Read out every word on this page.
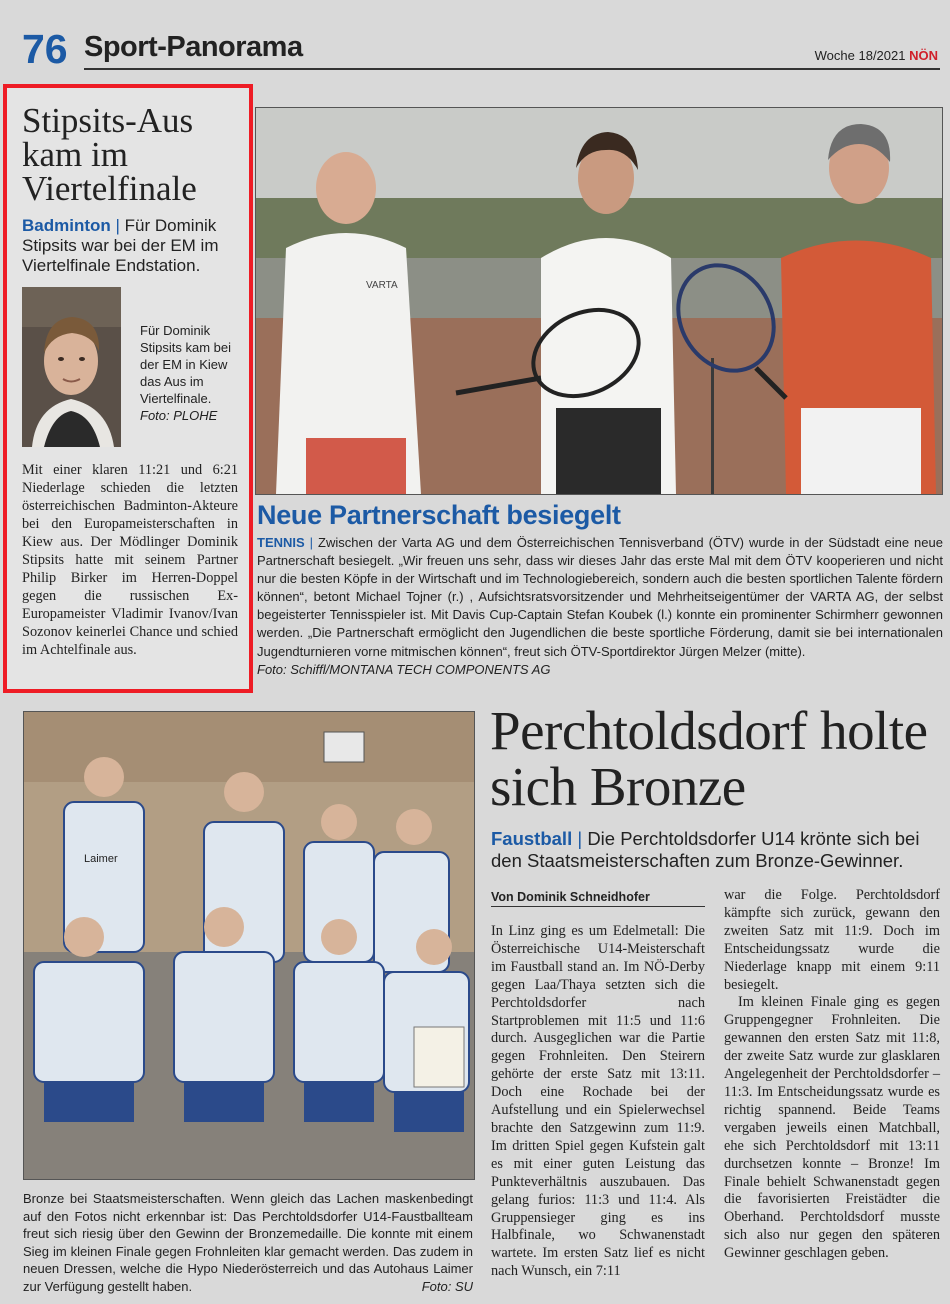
76 Sport-Panorama	Woche 18/2021 NÖN
Stipsits-Aus kam im Viertelfinale
Badminton | Für Dominik Stipsits war bei der EM im Viertelfinale Endstation.
Für Dominik Stipsits kam bei der EM in Kiew das Aus im Viertelfinale. Foto: PLOHE
Mit einer klaren 11:21 und 6:21 Niederlage schieden die letzten österreichischen Badminton-Akteure bei den Europameisterschaften in Kiew aus. Der Mödlinger Dominik Stipsits hatte mit seinem Partner Philip Birker im Herren-Doppel gegen die russischen Ex-Europameister Vladimir Ivanov/Ivan Sozonov keinerlei Chance und schied im Achtelfinale aus.
VARTA
Neue Partnerschaft besiegelt
TENNIS | Zwischen der Varta AG und dem Österreichischen Tennisverband (ÖTV) wurde in der Südstadt eine neue Partnerschaft besiegelt. „Wir freuen uns sehr, dass wir dieses Jahr das erste Mal mit dem ÖTV kooperieren und nicht nur die besten Köpfe in der Wirtschaft und im Technologiebereich, sondern auch die besten sportlichen Talente fördern können“, betont Michael Tojner (r.) , Aufsichtsratsvorsitzender und Mehrheitseigentümer der VARTA AG, der selbst begeisterter Tennisspieler ist. Mit Davis Cup-Captain Stefan Koubek (l.) konnte ein prominenter Schirmherr gewonnen werden. „Die Partnerschaft ermöglicht den Jugendlichen die beste sportliche Förderung, damit sie bei internationalen Jugendturnieren vorne mitmischen können“, freut sich ÖTV-Sportdirektor Jürgen Melzer (mitte).
Foto: Schiffl/MONTANA TECH COMPONENTS AG
Laimer
Bronze bei Staatsmeisterschaften. Wenn gleich das Lachen maskenbedingt auf den Fotos nicht erkennbar ist: Das Perchtoldsdorfer U14-Faustballteam freut sich riesig über den Gewinn der Bronzemedaille. Die konnte mit einem Sieg im kleinen Finale gegen Frohnleiten klar gemacht werden. Das zudem in neuen Dressen, welche die Hypo Niederösterreich und das Autohaus Laimer zur Verfügung gestellt haben.	Foto: SU
Perchtoldsdorf holte sich Bronze
Faustball | Die Perchtoldsdorfer U14 krönte sich bei den Staatsmeisterschaften zum Bronze-Gewinner.
Von Dominik Schneidhofer
In Linz ging es um Edelmetall: Die Österreichische U14-Meisterschaft im Faustball stand an. Im NÖ-Derby gegen Laa/Thaya setzten sich die Perchtoldsdorfer nach Startproblemen mit 11:5 und 11:6 durch. Ausgeglichen war die Partie gegen Frohnleiten. Den Steirern gehörte der erste Satz mit 13:11. Doch eine Rochade bei der Aufstellung und ein Spielerwechsel brachte den Satzgewinn zum 11:9. Im dritten Spiel gegen Kufstein galt es mit einer guten Leistung das Punkteverhältnis auszubauen. Das gelang furios: 11:3 und 11:4. Als Gruppensieger ging es ins Halbfinale, wo Schwanenstadt wartete. Im ersten Satz lief es nicht nach Wunsch, ein 7:11
war die Folge. Perchtoldsdorf kämpfte sich zurück, gewann den zweiten Satz mit 11:9. Doch im Entscheidungssatz wurde die Niederlage knapp mit einem 9:11 besiegelt.
Im kleinen Finale ging es gegen Gruppengegner Frohnleiten. Die gewannen den ersten Satz mit 11:8, der zweite Satz wurde zur glasklaren Angelegenheit der Perchtoldsdorfer – 11:3. Im Entscheidungssatz wurde es richtig spannend. Beide Teams vergaben jeweils einen Matchball, ehe sich Perchtoldsdorf mit 13:11 durchsetzen konnte – Bronze! Im Finale behielt Schwanenstadt gegen die favorisierten Freistädter die Oberhand. Perchtoldsdorf musste sich also nur gegen den späteren Gewinner geschlagen geben.
